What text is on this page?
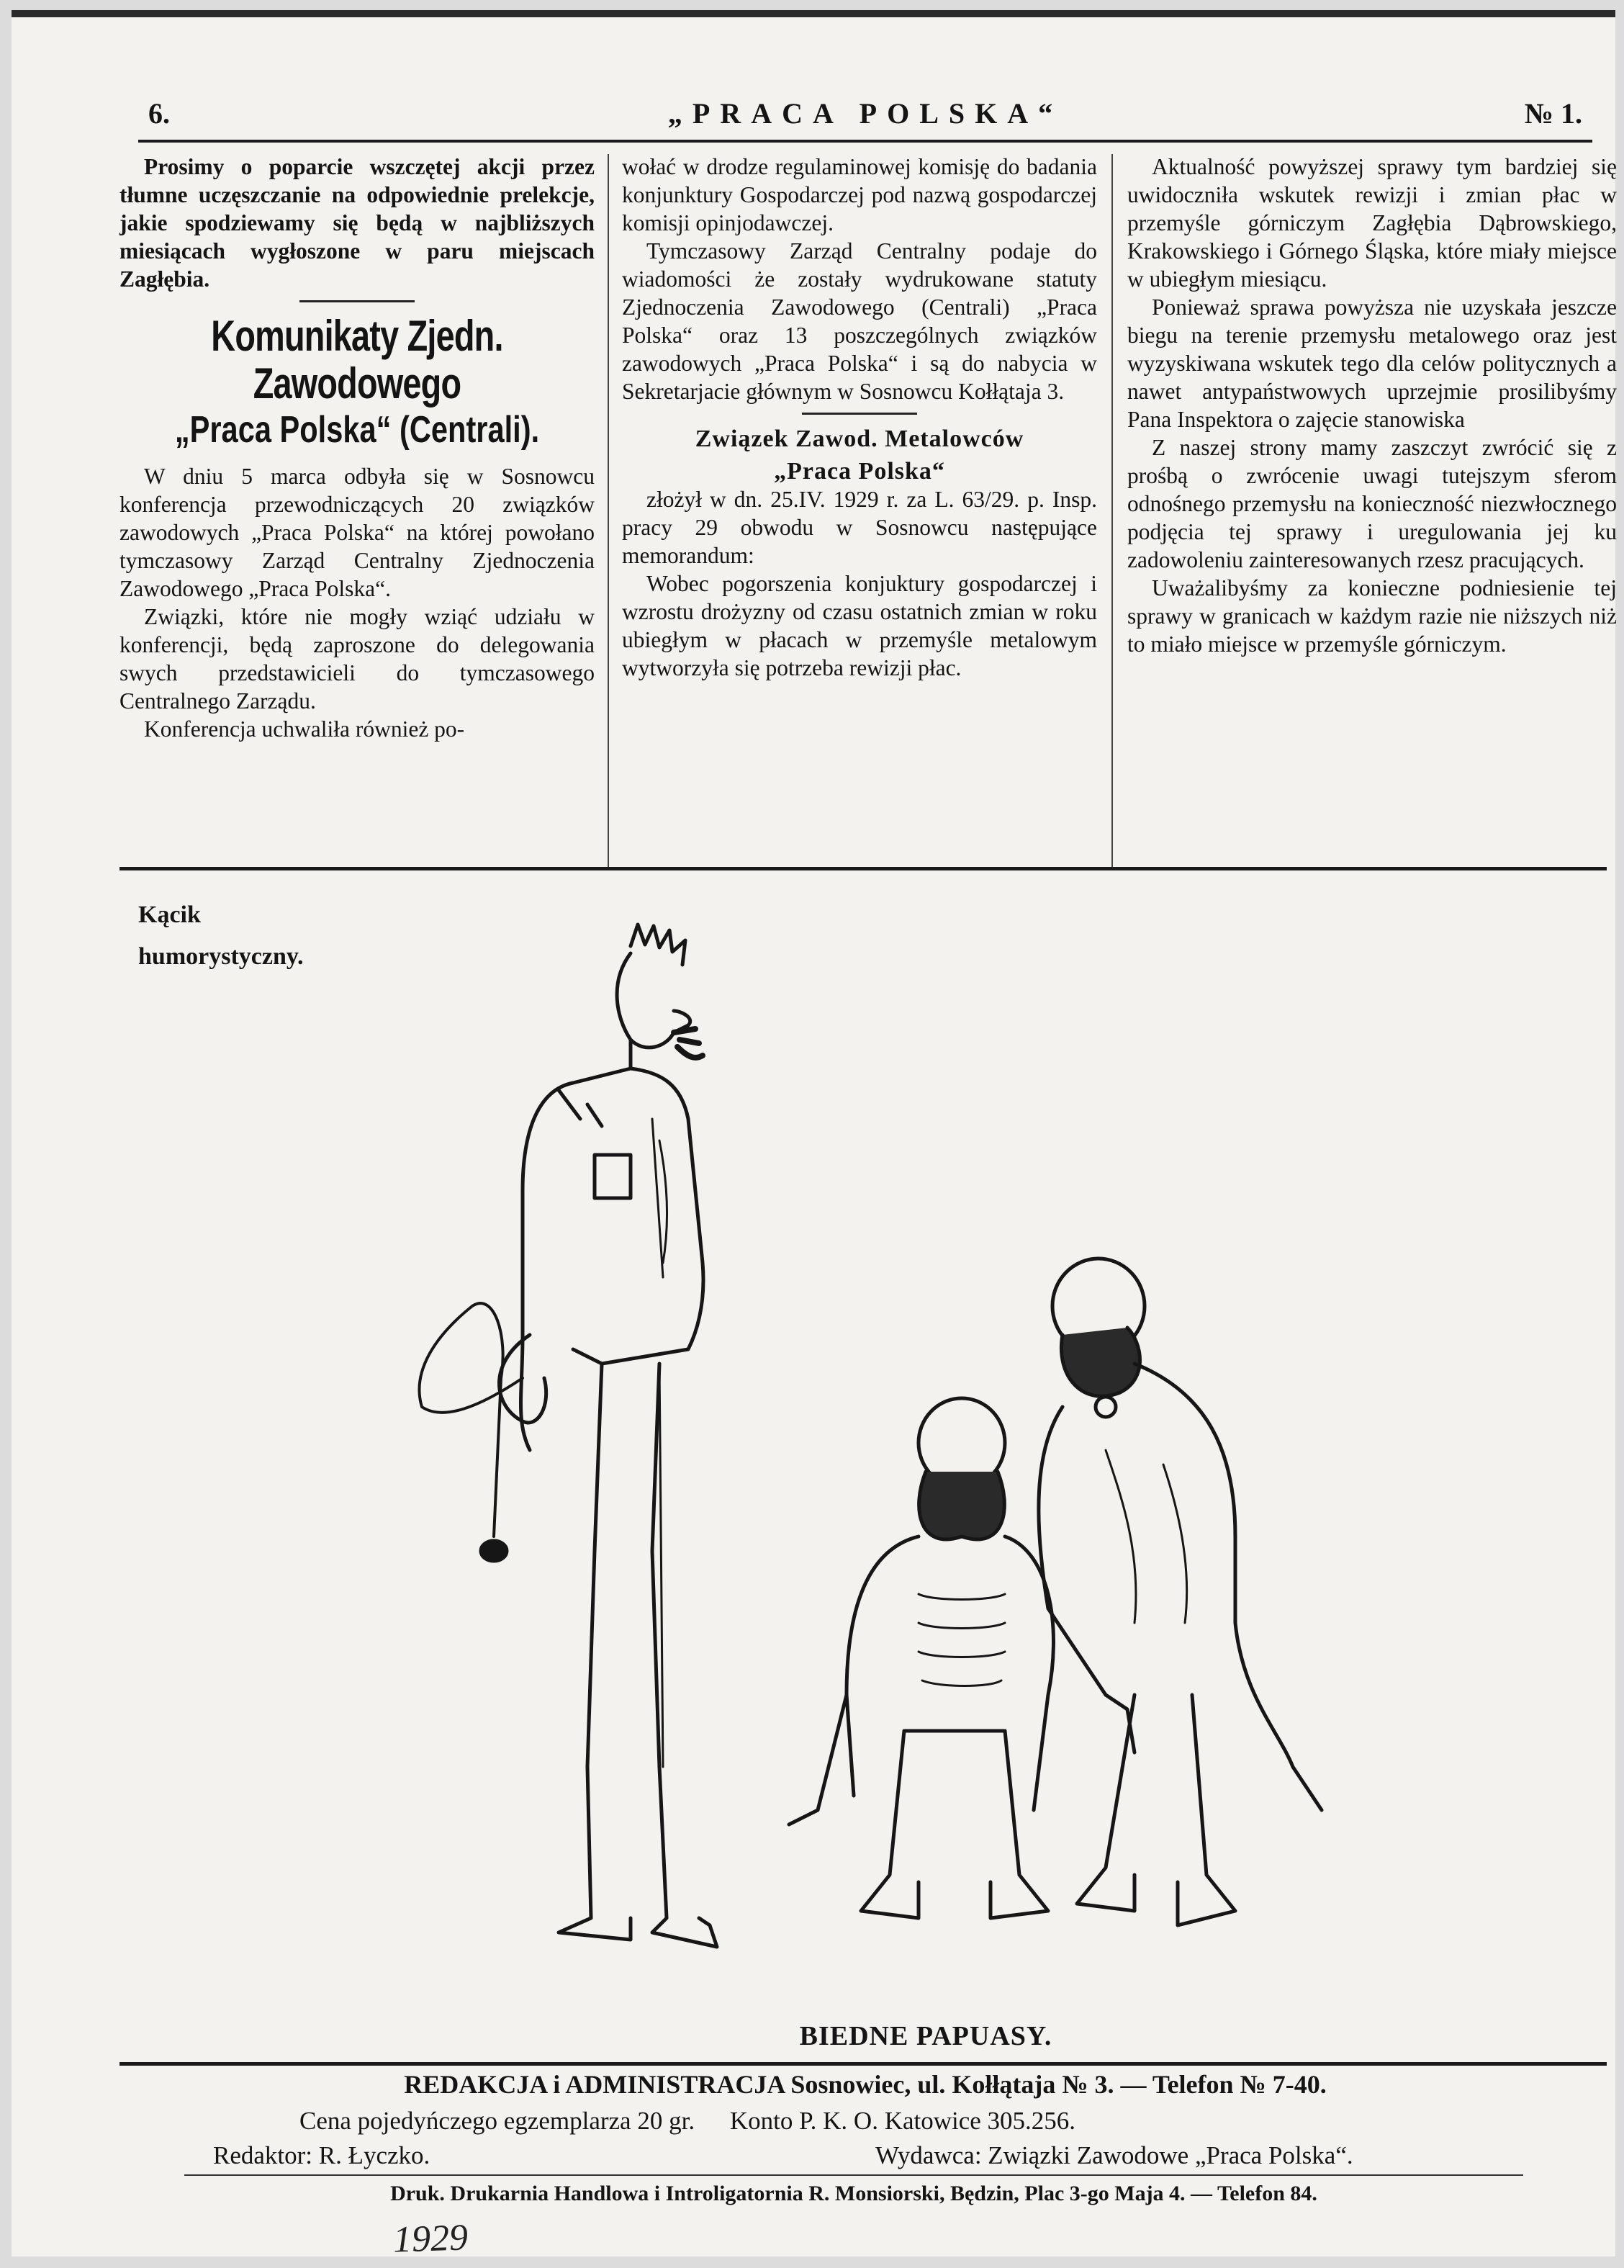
„PRACA POLSKA“
6.	№ 1.

Prosimy o poparcie wszczętej akcji przez tłumne uczęszczanie na odpowiednie prelekcje, jakie spodziewamy się będą w najbliższych miesiącach wygłoszone w paru miejscach Zagłębia.

Komunikaty Zjedn. Zawodowego
„Praca Polska“ (Centrali).

W dniu 5 marca odbyła się w Sosnowcu konferencja przewodniczących 20 związków zawodowych „Praca Polska“ na której powołano tymczasowy Zarząd Centralny Zjednoczenia Zawodowego „Praca Polska“.

Związki, które nie mogły wziąć udziału w konferencji, będą zaproszone do delegowania swych przedstawicieli do tymczasowego Centralnego Zarządu.

Konferencja uchwaliła również po-

wołać w drodze regulaminowej komisję do badania konjunktury Gospodarczej pod nazwą gospodarczej komisji opinjodawczej.

Tymczasowy Zarząd Centralny podaje do wiadomości że zostały wydrukowane statuty Zjednoczenia Zawodowego (Centrali) „Praca Polska“ oraz 13 poszczególnych związków zawodowych „Praca Polska“ i są do nabycia w Sekretarjacie głównym w Sosnowcu Kołłątaja 3.

Związek Zawod. Metalowców
„Praca Polska“

złożył w dn. 25.IV. 1929 r. za L. 63/29. p. Insp. pracy 29 obwodu w Sosnowcu następujące memorandum:

Wobec pogorszenia konjuktury gospodarczej i wzrostu drożyzny od czasu ostatnich zmian w roku ubiegłym w płacach w przemyśle metalowym wytworzyła się potrzeba rewizji płac.

Aktualność powyższej sprawy tym bardziej się uwidoczniła wskutek rewizji i zmian płac w przemyśle górniczym Zagłębia Dąbrowskiego, Krakowskiego i Górnego Śląska, które miały miejsce w ubiegłym miesiącu.

Ponieważ sprawa powyższa nie uzyskała jeszcze biegu na terenie przemysłu metalowego oraz jest wyzyskiwana wskutek tego dla celów politycznych a nawet antypaństwowych uprzejmie prosilibyśmy Pana Inspektora o zajęcie stanowiska

Z naszej strony mamy zaszczyt zwrócić się z prośbą o zwrócenie uwagi tutejszym sferom odnośnego przemysłu na konieczność niezwłocznego podjęcia tej sprawy i uregulowania jej ku zadowoleniu zainteresowanych rzesz pracujących.

Uważalibyśmy za konieczne podniesienie tej sprawy w granicach w każdym razie nie niższych niż to miało miejsce w przemyśle górniczym.

Kącik humorystyczny.
BIEDNE PAPUASY.
REDAKCJA i ADMINISTRACJA Sosnowiec, ul. Kołłątaja № 3. — Telefon № 7-40.
Cena pojedyńczego egzemplarza 20 gr. Konto P. K. O. Katowice 305.256.
Redaktor: R. Łyczko.	Wydawca: Związki Zawodowe „Praca Polska“.
Druk. Drukarnia Handlowa i Introligatornia R. Monsiorski, Będzin, Plac 3-go Maja 4. — Telefon 84.
1929
